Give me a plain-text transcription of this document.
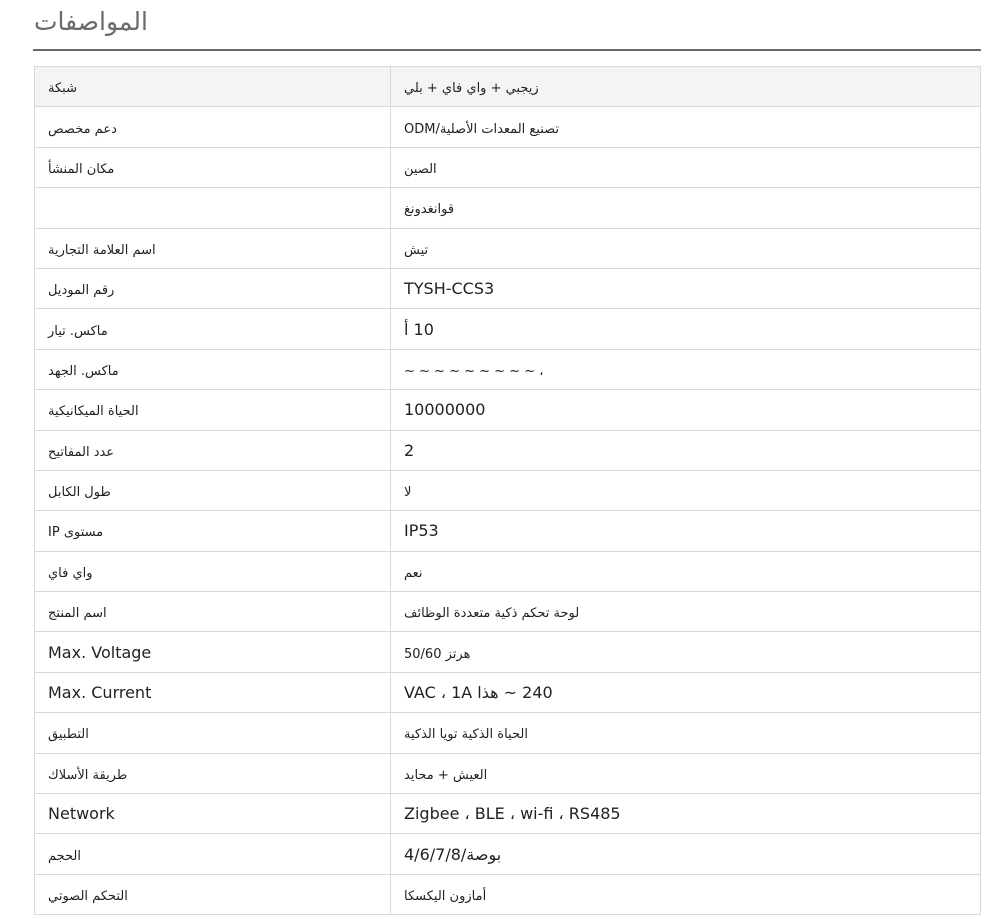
المواصفات
شبكة	زيجبي + واي فاي + بلي
دعم مخصص	ODM/تصنيع المعدات الأصلية
مكان المنشأ	الصين
	قوانغدونغ
اسم العلامة التجارية	تيش
رقم الموديل	TYSH-CCS3
ماكس. تيار	10 أ
ماكس. الجهد	~ ~ ~ ~ ~ ~ ~ ~ ~ ،
الحياة الميكانيكية	10000000
عدد المفاتيح	2
طول الكابل	لا
IP مستوى	IP53
واي فاي	نعم
اسم المنتج	لوحة تحكم ذكية متعددة الوظائف
Max. Voltage	هرتز 50/60
Max. Current	240 ~ هذا VAC ، 1A
التطبيق	الحياة الذكية تويا الذكية
طريقة الأسلاك	العيش + محايد
Network	Zigbee ، BLE ، wi-fi ، RS485
الحجم	4/6/7/8/بوصة
التحكم الصوتي	أمازون اليكسكا
